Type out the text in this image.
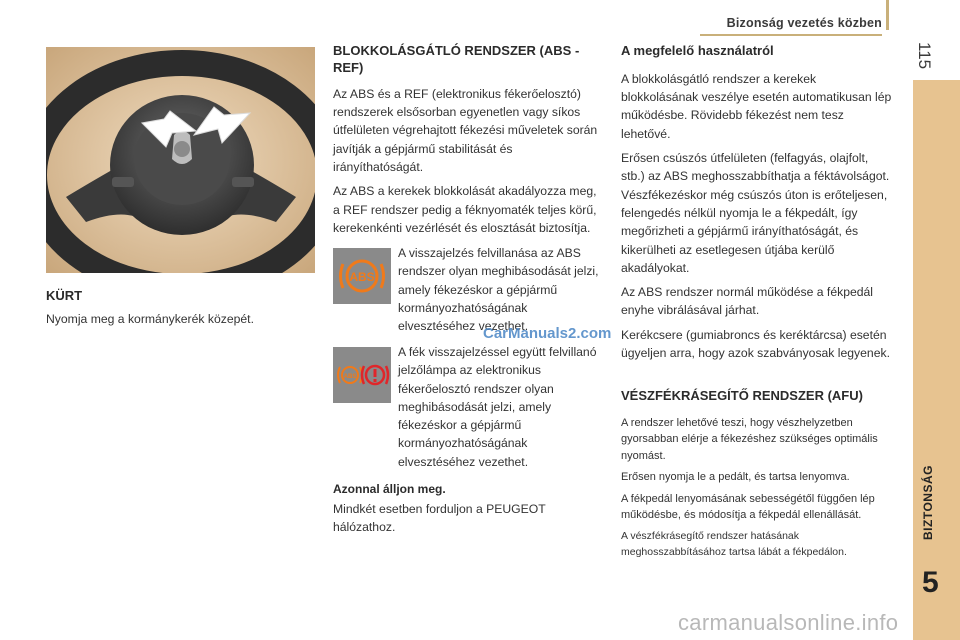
Bizonság vezetés közben
115
BIZTONSÁG
5
KÜRT

Nyomja meg a kormánykerék közepét.

BLOKKOLÁSGÁTLÓ RENDSZER (ABS - REF)

Az ABS és a REF (elektronikus fékerőelosztó) rendszerek elsősorban egyenetlen vagy síkos útfelületen végrehajtott fékezési műveletek során javítják a gépjármű stabilitását és irányíthatóságát.

Az ABS a kerekek blokkolását akadályozza meg, a REF rendszer pedig a féknyomaték teljes körű, kerekenkénti vezérlését és elosztását biztosítja.

ABS

A visszajelzés felvillanása az ABS rendszer olyan meghibásodását jelzi, amely fékezéskor a gépjármű kormányozhatóságának elvesztéséhez vezethet.

ABS

A fék visszajelzéssel együtt felvillanó jelzőlámpa az elektronikus fékerőelosztó rendszer olyan meghibásodását jelzi, amely fékezéskor a gépjármű kormányozhatóságának elvesztéséhez vezethet.

Azonnal álljon meg.

Mindkét esetben forduljon a PEUGEOT hálózathoz.

A megfelelő használatról

A blokkolásgátló rendszer a kerekek blokkolásának veszélye esetén automatikusan lép működésbe. Rövidebb fékezést nem tesz lehetővé.

Erősen csúszós útfelületen (felfagyás, olajfolt, stb.) az ABS meghosszabbíthatja a féktávolságot. Vészfékezéskor még csúszós úton is erőteljesen, felengedés nélkül nyomja le a fékpedált, így megőrizheti a gépjármű irányíthatóságát, és kikerülheti az esetlegesen útjába kerülő akadályokat.

Az ABS rendszer normál működése a fékpedál enyhe vibrálásával járhat.

Kerékcsere (gumiabroncs és keréktárcsa) esetén ügyeljen arra, hogy azok szabványosak legyenek.

VÉSZFÉKRÁSEGÍTŐ RENDSZER (AFU)

A rendszer lehetővé teszi, hogy vészhelyzetben gyorsabban elérje a fékezéshez szükséges optimális nyomást.

Erősen nyomja le a pedált, és tartsa lenyomva.

A fékpedál lenyomásának sebességétől függően lép működésbe, és módosítja a fékpedál ellenállását.

A vészfékrásegítő rendszer hatásának meghosszabbításához tartsa lábát a fékpedálon.

CarManuals2.com
carmanualsonline.info
